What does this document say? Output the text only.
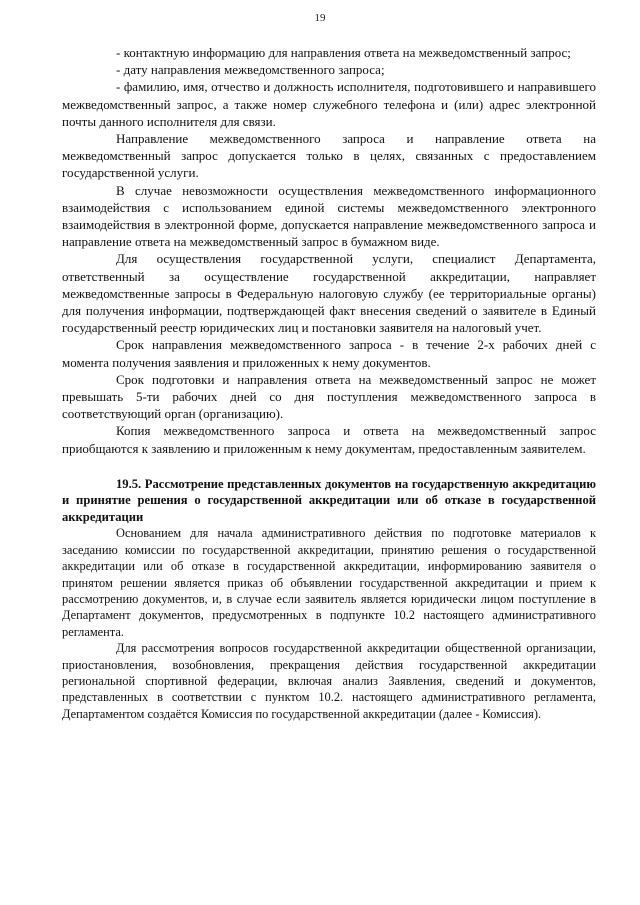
19

- контактную информацию для направления ответа на межведомственный запрос;

- дату направления межведомственного запроса;

- фамилию, имя, отчество и должность исполнителя, подготовившего и направившего межведомственный запрос, а также номер служебного телефона и (или) адрес электронной почты данного исполнителя для связи.

Направление межведомственного запроса и направление ответа на межведомственный запрос допускается только в целях, связанных с предоставлением государственной услуги.

В случае невозможности осуществления межведомственного информационного взаимодействия с использованием единой системы межведомственного электронного взаимодействия в электронной форме, допускается направление межведомственного запроса и направление ответа на межведомственный запрос в бумажном виде.

Для осуществления государственной услуги, специалист Департамента, ответственный за осуществление государственной аккредитации, направляет межведомственные запросы в Федеральную налоговую службу (ее территориальные органы) для получения информации, подтверждающей факт внесения сведений о заявителе в Единый государственный реестр юридических лиц и постановки заявителя на налоговый учет.

Срок направления межведомственного запроса - в течение 2-х рабочих дней с момента получения заявления и приложенных к нему документов.

Срок подготовки и направления ответа на межведомственный запрос не может превышать 5-ти рабочих дней со дня поступления межведомственного запроса в соответствующий орган (организацию).

Копия межведомственного запроса и ответа на межведомственный запрос приобщаются к заявлению и приложенным к нему документам, предоставленным заявителем.

19.5. Рассмотрение представленных документов на государственную аккредитацию и принятие решения о государственной аккредитации или об отказе в государственной аккредитации

Основанием для начала административного действия по подготовке материалов к заседанию комиссии по государственной аккредитации, принятию решения о государственной аккредитации или об отказе в государственной аккредитации, информированию заявителя о принятом решении является приказ об объявлении государственной аккредитации и прием к рассмотрению документов, и, в случае если заявитель является юридически лицом поступление в Департамент документов, предусмотренных в подпункте 10.2 настоящего административного регламента.

Для рассмотрения вопросов государственной аккредитации общественной организации, приостановления, возобновления, прекращения действия государственной аккредитации региональной спортивной федерации, включая анализ Заявления, сведений и документов, представленных в соответствии с пунктом 10.2. настоящего административного регламента, Департаментом создаётся Комиссия по государственной аккредитации (далее - Комиссия).
